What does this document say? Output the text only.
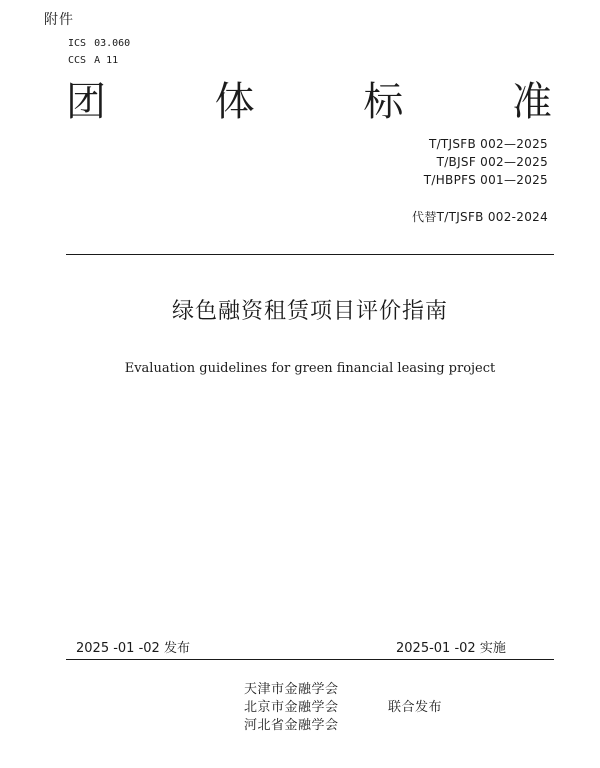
附件
ICS 03.060
CCS A 11
团	体	标	准
T/TJSFB 002—2025
T/BJSF 002—2025
T/HBPFS 001—2025
代替T/TJSFB 002-2024
绿色融资租赁项目评价指南
Evaluation guidelines for green financial leasing project
2025 -01 -02 发布	2025-01 -02 实施
天津市金融学会
北京市金融学会
河北省金融学会
联合发布
